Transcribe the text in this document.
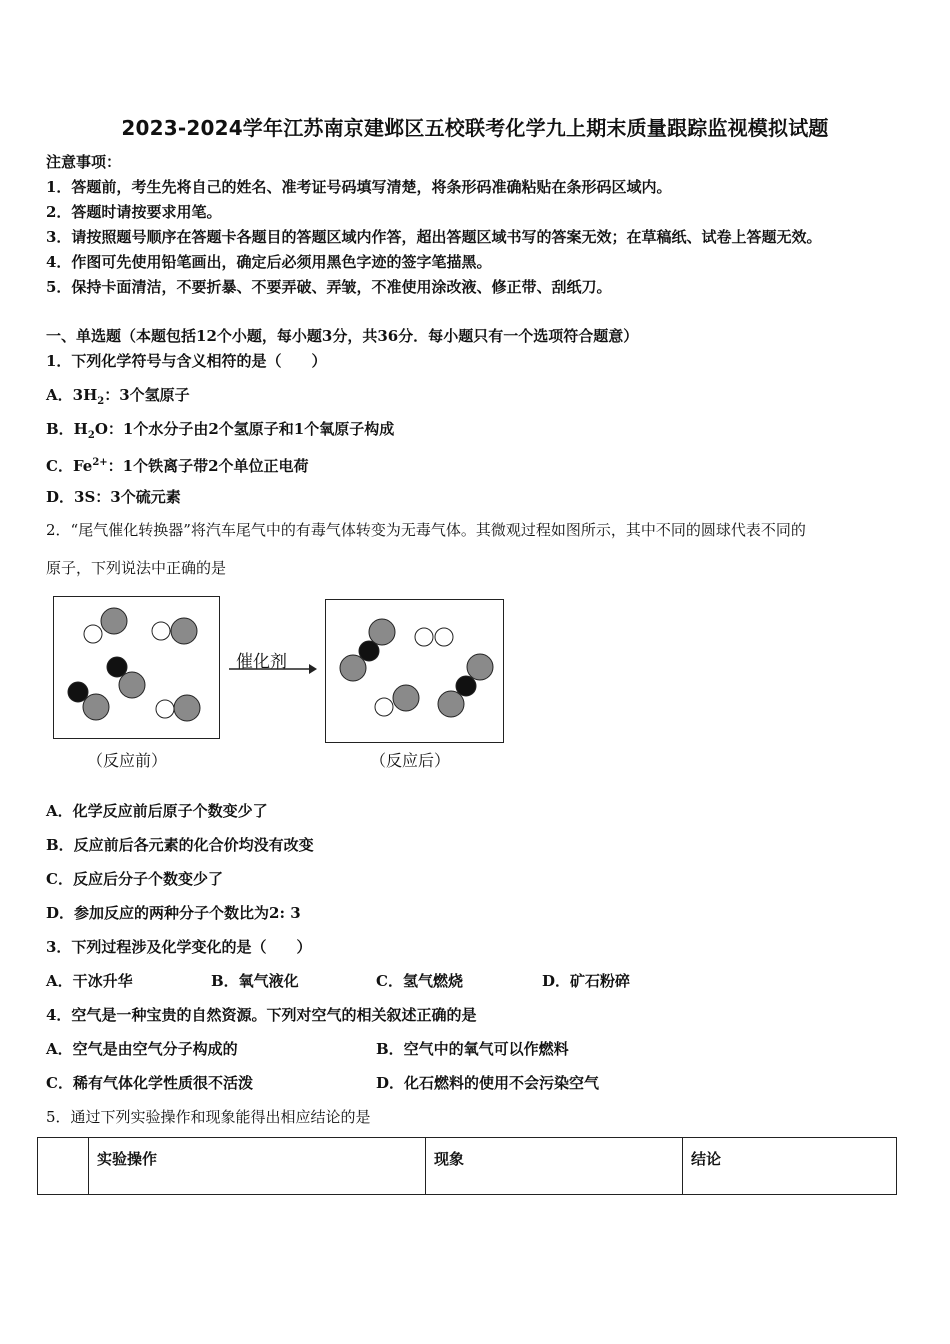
2023-2024学年江苏南京建邺区五校联考化学九上期末质量跟踪监视模拟试题
注意事项：
1．答题前，考生先将自己的姓名、准考证号码填写清楚，将条形码准确粘贴在条形码区域内。
2．答题时请按要求用笔。
3．请按照题号顺序在答题卡各题目的答题区域内作答，超出答题区域书写的答案无效；在草稿纸、试卷上答题无效。
4．作图可先使用铅笔画出，确定后必须用黑色字迹的签字笔描黑。
5．保持卡面清洁，不要折暴、不要弄破、弄皱，不准使用涂改液、修正带、刮纸刀。
一、单选题（本题包括12个小题，每小题3分，共36分．每小题只有一个选项符合题意）
1．下列化学符号与含义相符的是（　　）
A．$3H_2$：3个氢原子
B．$H_2O$：1个水分子由2个氢原子和1个氧原子构成
C．$Fe^{2+}$：1个铁离子带2个单位正电荷
D．3S：3个硫元素
2．“尾气催化转换器”将汽车尾气中的有毒气体转变为无毒气体。其微观过程如图所示，其中不同的圆球代表不同的
原子，下列说法中正确的是
催化剂
（反应前）	（反应后）
A．化学反应前后原子个数变少了
B．反应前后各元素的化合价均没有改变
C．反应后分子个数变少了
D．参加反应的两种分子个数比为2: 3
3．下列过程涉及化学变化的是（　　）
A．干冰升华	B．氧气液化	C．氢气燃烧	D．矿石粉碎
4．空气是一种宝贵的自然资源。下列对空气的相关叙述正确的是
A．空气是由空气分子构成的	B．空气中的氧气可以作燃料
C．稀有气体化学性质很不活泼	D．化石燃料的使用不会污染空气
5．通过下列实验操作和现象能得出相应结论的是
	实验操作	现象	结论
